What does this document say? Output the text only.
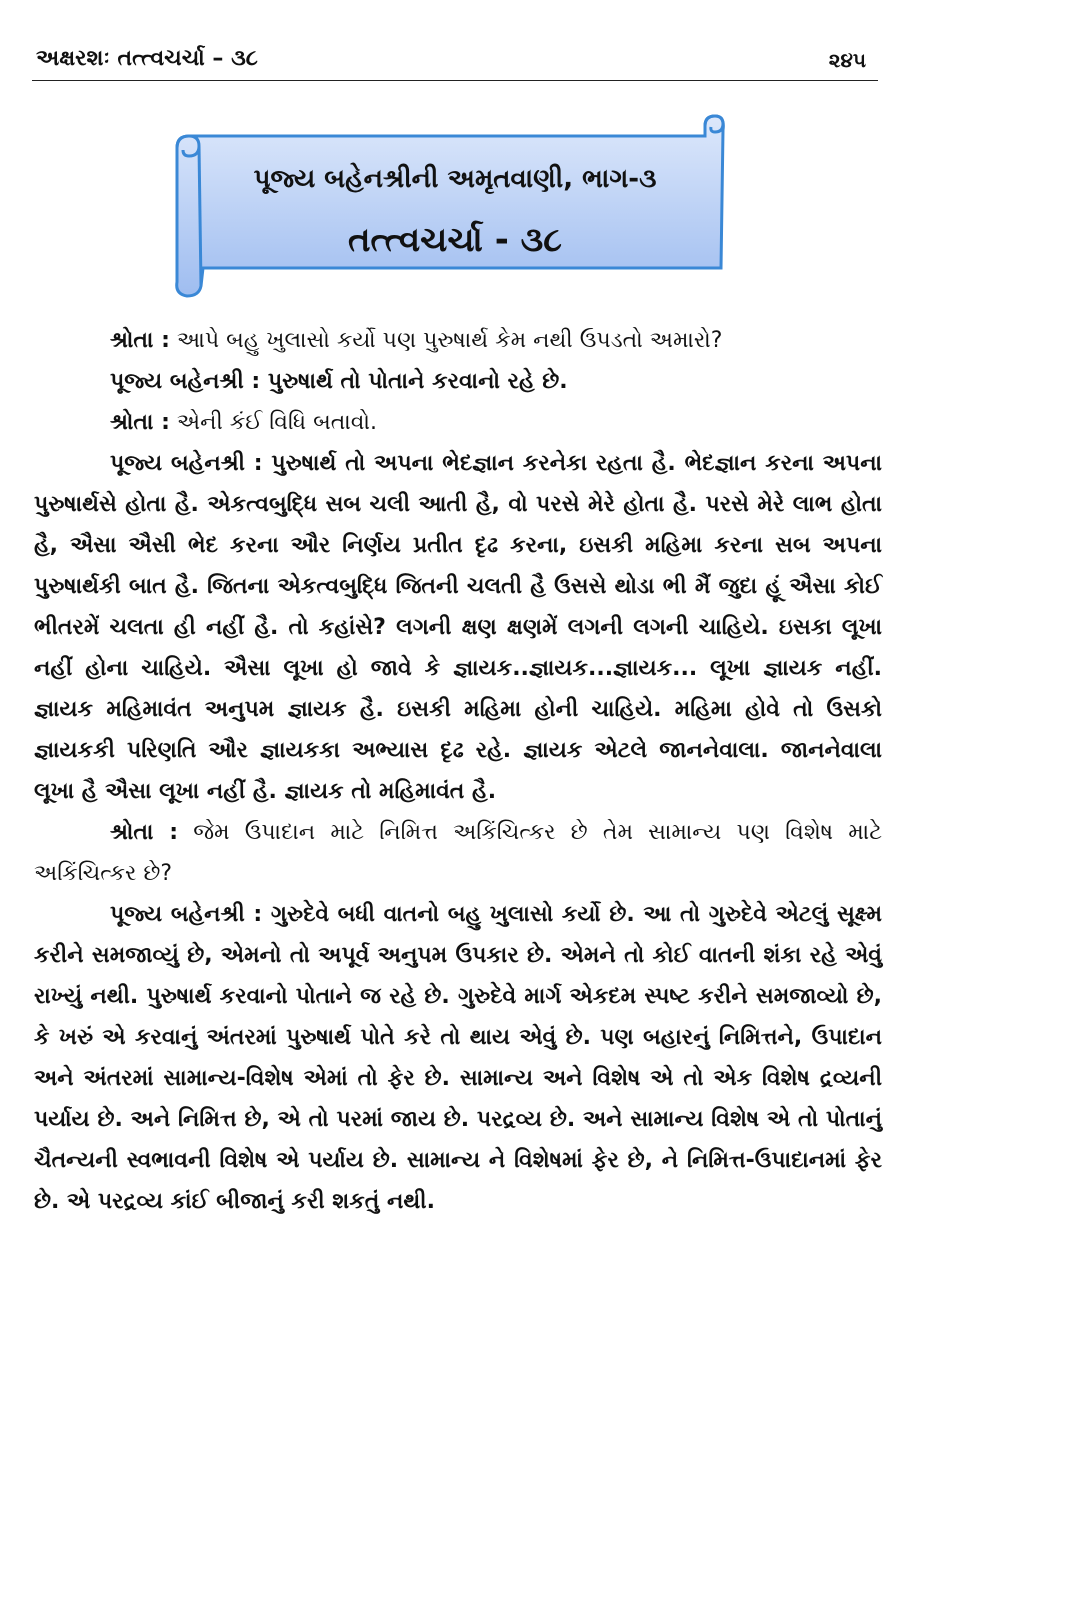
અક્ષરશઃ તત્ત્વચર્ચા – ૩૮	૨૪૫
પૂજ્ય બહેનશ્રીની અમૃતવાણી, ભાગ-૩
તત્ત્વચર્ચા - ૩૮

શ્રોતા : આપે બહુ ખુલાસો કર્યો પણ પુરુષાર્થ કેમ નથી ઉપડતો અમારો?

પૂજ્ય બહેનશ્રી : પુરુષાર્થ તો પોતાને કરવાનો રહે છે.

શ્રોતા : એની કંઈ વિધિ બતાવો.

પૂજ્ય બહેનશ્રી : પુરુષાર્થ તો અપના ભેદજ્ઞાન કરનેકા રહતા હૈ. ભેદજ્ઞાન કરના અપના પુરુષાર્થસે હોતા હૈ. એકત્વબુદ્ધિ સબ ચલી આતી હૈ, વો પરસે મેરે હોતા હૈ. પરસે મેરે લાભ હોતા હૈ, ઐસા ઐસી ભેદ કરના ઔર નિર્ણય પ્રતીત દૃઢ કરના, ઇસકી મહિમા કરના સબ અપના પુરુષાર્થકી બાત હૈ. જિતના એકત્વબુદ્ધિ જિતની ચલતી હૈ ઉસસે થોડા ભી મૈં જુદા હૂં ઐસા કોઈ ભીતરમેં ચલતા હી નહીં હૈ. તો કહાંસે? લગની ક્ષણ ક્ષણમેં લગની લગની ચાહિયે. ઇસકા લૂખા નહીં હોના ચાહિયે. ઐસા લૂખા હો જાવે કે જ્ઞાયક..જ્ઞાયક...જ્ઞાયક... લૂખા જ્ઞાયક નહીં. જ્ઞાયક મહિમાવંત અનુપમ જ્ઞાયક હૈ. ઇસકી મહિમા હોની ચાહિયે. મહિમા હોવે તો ઉસકો જ્ઞાયકકી પરિણતિ ઔર જ્ઞાયકકા અભ્યાસ દૃઢ રહે. જ્ઞાયક એટલે જાનનેવાલા. જાનનેવાલા લૂખા હૈ ઐસા લૂખા નહીં હૈ. જ્ઞાયક તો મહિમાવંત હૈ.

શ્રોતા : જેમ ઉપાદાન માટે નિમિત્ત અકિંચિત્કર છે તેમ સામાન્ય પણ વિશેષ માટે અકિંચિત્કર છે?

પૂજ્ય બહેનશ્રી : ગુરુદેવે બધી વાતનો બહુ ખુલાસો કર્યો છે. આ તો ગુરુદેવે એટલું સૂક્ષ્મ કરીને સમજાવ્યું છે, એમનો તો અપૂર્વ અનુપમ ઉપકાર છે. એમને તો કોઈ વાતની શંકા રહે એવું રાખ્યું નથી. પુરુષાર્થ કરવાનો પોતાને જ રહે છે. ગુરુદેવે માર્ગ એકદમ સ્પષ્ટ કરીને સમજાવ્યો છે, કે ખરું એ કરવાનું અંતરમાં પુરુષાર્થ પોતે કરે તો થાય એવું છે. પણ બહારનું નિમિત્તને, ઉપાદાન અને અંતરમાં સામાન્ય-વિશેષ એમાં તો ફેર છે. સામાન્ય અને વિશેષ એ તો એક વિશેષ દ્રવ્યની પર્યાય છે. અને નિમિત્ત છે, એ તો પરમાં જાય છે. પરદ્રવ્ય છે. અને સામાન્ય વિશેષ એ તો પોતાનું ચૈતન્યની સ્વભાવની વિશેષ એ પર્યાય છે. સામાન્ય ને વિશેષમાં ફેર છે, ને નિમિત્ત-ઉપાદાનમાં ફેર છે. એ પરદ્રવ્ય કાંઈ બીજાનું કરી શકતું નથી.
